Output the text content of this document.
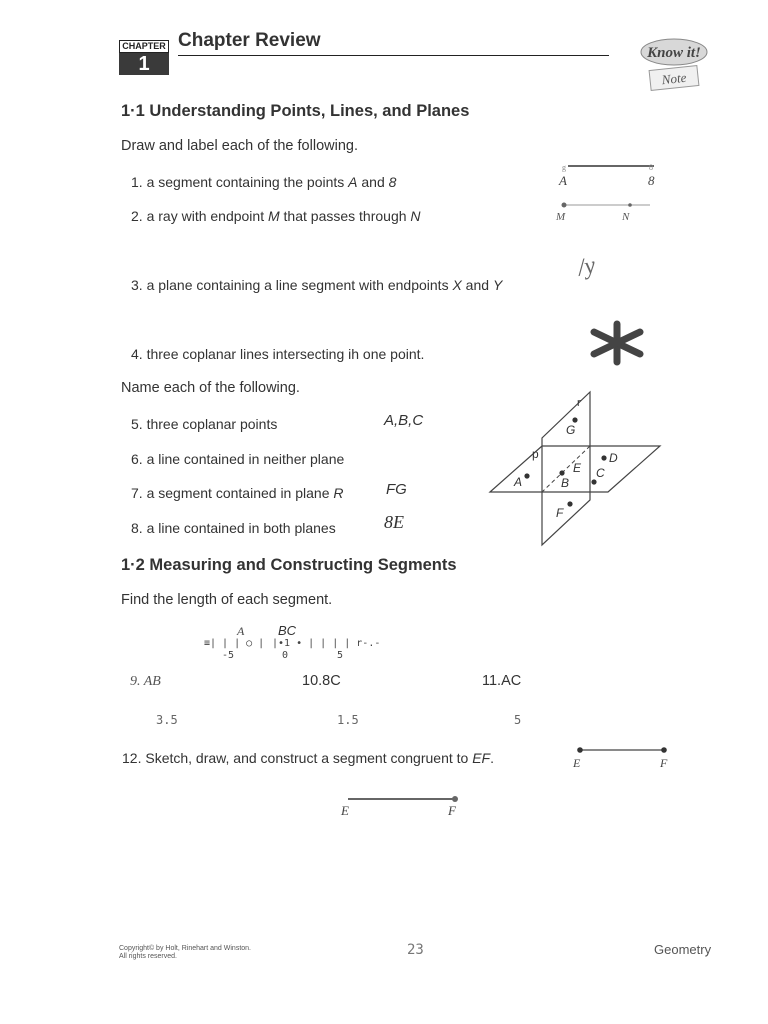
CHAPTER
1
Chapter Review
Know it!
Note
1·1 Understanding Points, Lines, and Planes
Draw and label each of the following.
1. a segment containing the points A and 8
2. a ray with endpoint M that passes through N
3. a plane containing a line segment with endpoints X and Y
4. three coplanar lines intersecting ih one point.
g	8
A	8
M	N
/y
Name each of the following.
5. three coplanar points	A,B,C
6. a line contained in neither plane
7. a segment contained in plane R	FG
8. a line contained in both planes	8E
r
G
p
E
D
A	B
C
F
1·2 Measuring and Constructing Segments
Find the length of each segment.
A	BC
≡| | | ○ | |•1 • | | | | r-.-
-5	0	5
9. AB	10.8C	11.AC
3.5	1.5	5
12. Sketch, draw, and construct a segment congruent to EF.	E	F
E	F
Copyright© by Holt, Rinehart and Winston.
All rights reserved.	23	Geometry
